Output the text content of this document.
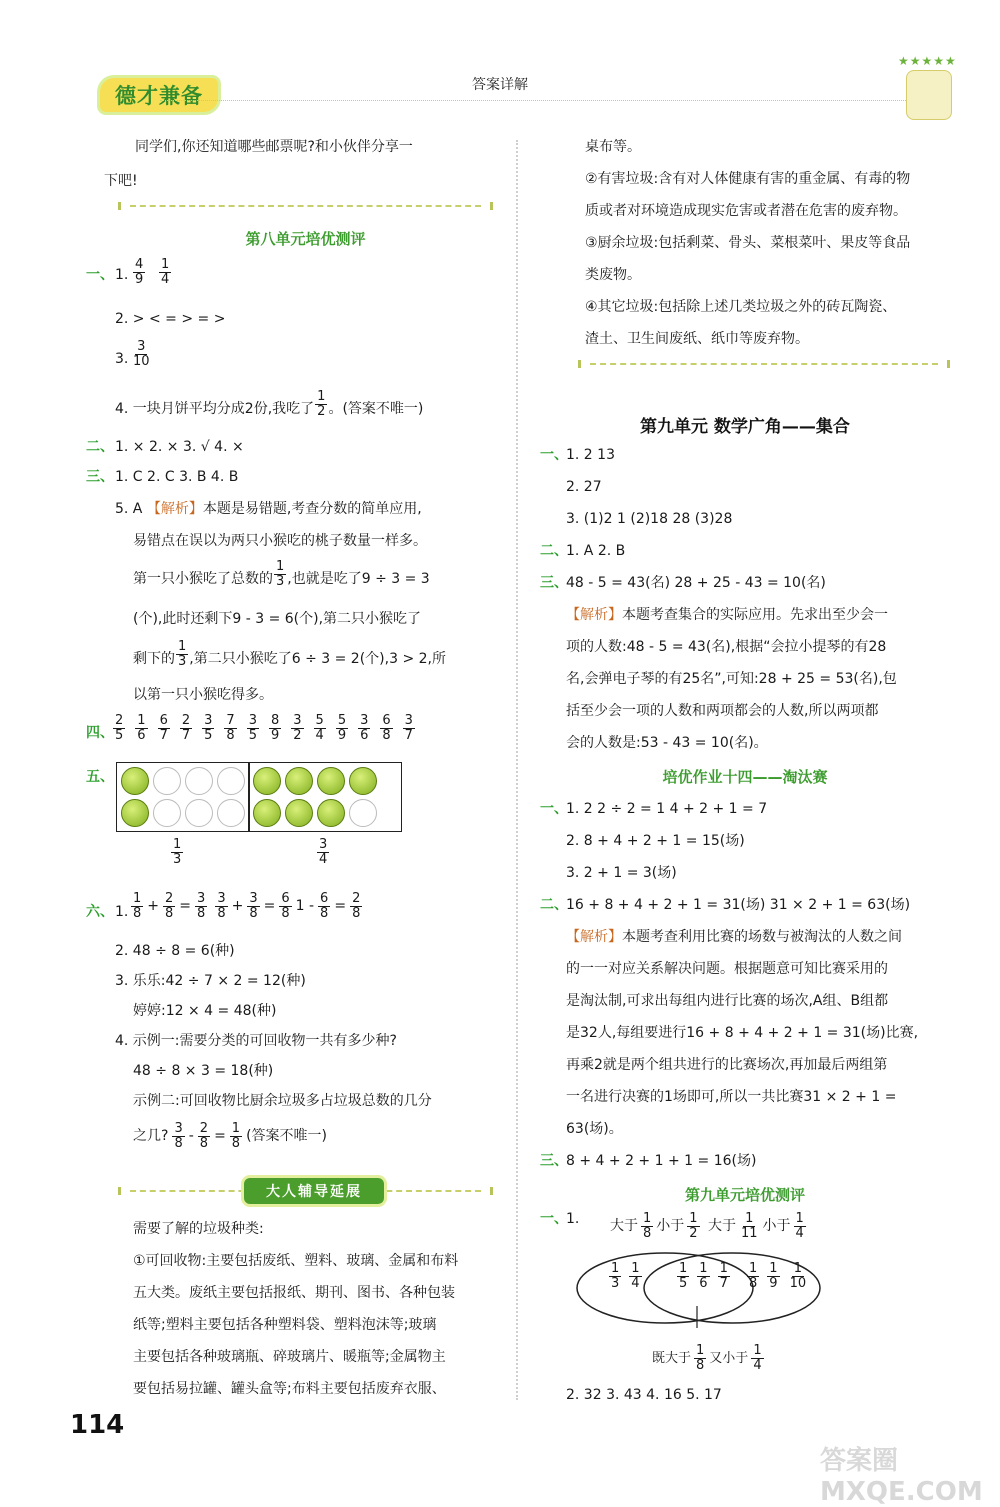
德才兼备	答案详解
★★★★★
同学们,你还知道哪些邮票呢?和小伙伴分享一
下吧!
第八单元培优测评
一、 1. $\frac{4}{9} \frac{1}{4}$
2. > < = > = >
3. $\frac{3}{10}$
4. 一块月饼平均分成2份,我吃了 $\frac{1}{2}$ 。(答案不唯一)
二、 1. × 2. × 3. √ 4. ×
三、 1. C 2. C 3. B 4. B
5. A 【解析】本题是易错题,考查分数的简单应用,
易错点在误以为两只小猴吃的桃子数量一样多。
第一只小猴吃了总数的 $\frac{1}{3}$ ,也就是吃了9 ÷ 3 = 3
(个),此时还剩下9 - 3 = 6(个),第二只小猴吃了
剩下的 $\frac{1}{3}$ ,第二只小猴吃了6 ÷ 3 = 2(个),3 > 2,所
以第一只小猴吃得多。
四、 $\frac{2}{5} \frac{1}{6} \frac{6}{7} \frac{2}{7} \frac{3}{5} \frac{7}{8} \frac{3}{5} \frac{8}{9} \frac{3}{2} \frac{5}{4} \frac{5}{9} \frac{3}{6} \frac{6}{8} \frac{3}{7}$
五、
$\frac{1}{3}$	$\frac{3}{4}$
六、 1. $\frac{1}{8} + \frac{2}{8} = \frac{3}{8} \frac{3}{8} + \frac{3}{8} = \frac{6}{8} 1 - \frac{6}{8} = \frac{2}{8}$
2. 48 ÷ 8 = 6(种)
3. 乐乐:42 ÷ 7 × 2 = 12(种)
婷婷:12 × 4 = 48(种)
4. 示例一:需要分类的可回收物一共有多少种?
48 ÷ 8 × 3 = 18(种)
示例二:可回收物比厨余垃圾多占垃圾总数的几分
之几? $\frac{3}{8} - \frac{2}{8} = \frac{1}{8}$ (答案不唯一)
大人辅导延展
需要了解的垃圾种类:
①可回收物:主要包括废纸、塑料、玻璃、金属和布料
五大类。废纸主要包括报纸、期刊、图书、各种包装
纸等;塑料主要包括各种塑料袋、塑料泡沫等;玻璃
主要包括各种玻璃瓶、碎玻璃片、暖瓶等;金属物主
要包括易拉罐、罐头盒等;布料主要包括废弃衣服、
114
桌布等。
②有害垃圾:含有对人体健康有害的重金属、有毒的物
质或者对环境造成现实危害或者潜在危害的废弃物。
③厨余垃圾:包括剩菜、骨头、菜根菜叶、果皮等食品
类废物。
④其它垃圾:包括除上述几类垃圾之外的砖瓦陶瓷、
渣土、卫生间废纸、纸巾等废弃物。
第九单元 数学广角——集合
一、
1. 2 13
2. 27
3. (1)2 1 (2)18 28 (3)28
二、
1. A 2. B
三、
48 - 5 = 43(名) 28 + 25 - 43 = 10(名)
【解析】本题考查集合的实际应用。先求出至少会一
项的人数:48 - 5 = 43(名),根据“会拉小提琴的有28
名,会弹电子琴的有25名”,可知:28 + 25 = 53(名),包
括至少会一项的人数和两项都会的人数,所以两项都
会的人数是:53 - 43 = 10(名)。
培优作业十四——淘汰赛
一、
1. 2 2 ÷ 2 = 1 4 + 2 + 1 = 7
2. 8 + 4 + 2 + 1 = 15(场)
3. 2 + 1 = 3(场)
二、
16 + 8 + 4 + 2 + 1 = 31(场) 31 × 2 + 1 = 63(场)
【解析】本题考查利用比赛的场数与被淘汰的人数之间
的一一对应关系解决问题。根据题意可知比赛采用的
是淘汰制,可求出每组内进行比赛的场次,A组、B组都
是32人,每组要进行16 + 8 + 4 + 2 + 1 = 31(场)比赛,
再乘2就是两个组共进行的比赛场次,再加最后两组第
一名进行决赛的1场即可,所以一共比赛31 × 2 + 1 =
63(场)。
三、
8 + 4 + 2 + 1 + 1 = 16(场)
第九单元培优测评
一、
1. 大于 $\frac{1}{8}$ 小于 $\frac{1}{2}$ 大于 $\frac{1}{11}$ 小于 $\frac{1}{4}$
$\frac{1}{3} \frac{1}{4}$	$\frac{1}{5} \frac{1}{6} \frac{1}{7} \frac{1}{8} \frac{1}{9} \frac{1}{10}$
既大于 $\frac{1}{8}$ 又小于 $\frac{1}{4}$
2. 32 3. 43 4. 16 5. 17
答案圈 MXQE.COM
